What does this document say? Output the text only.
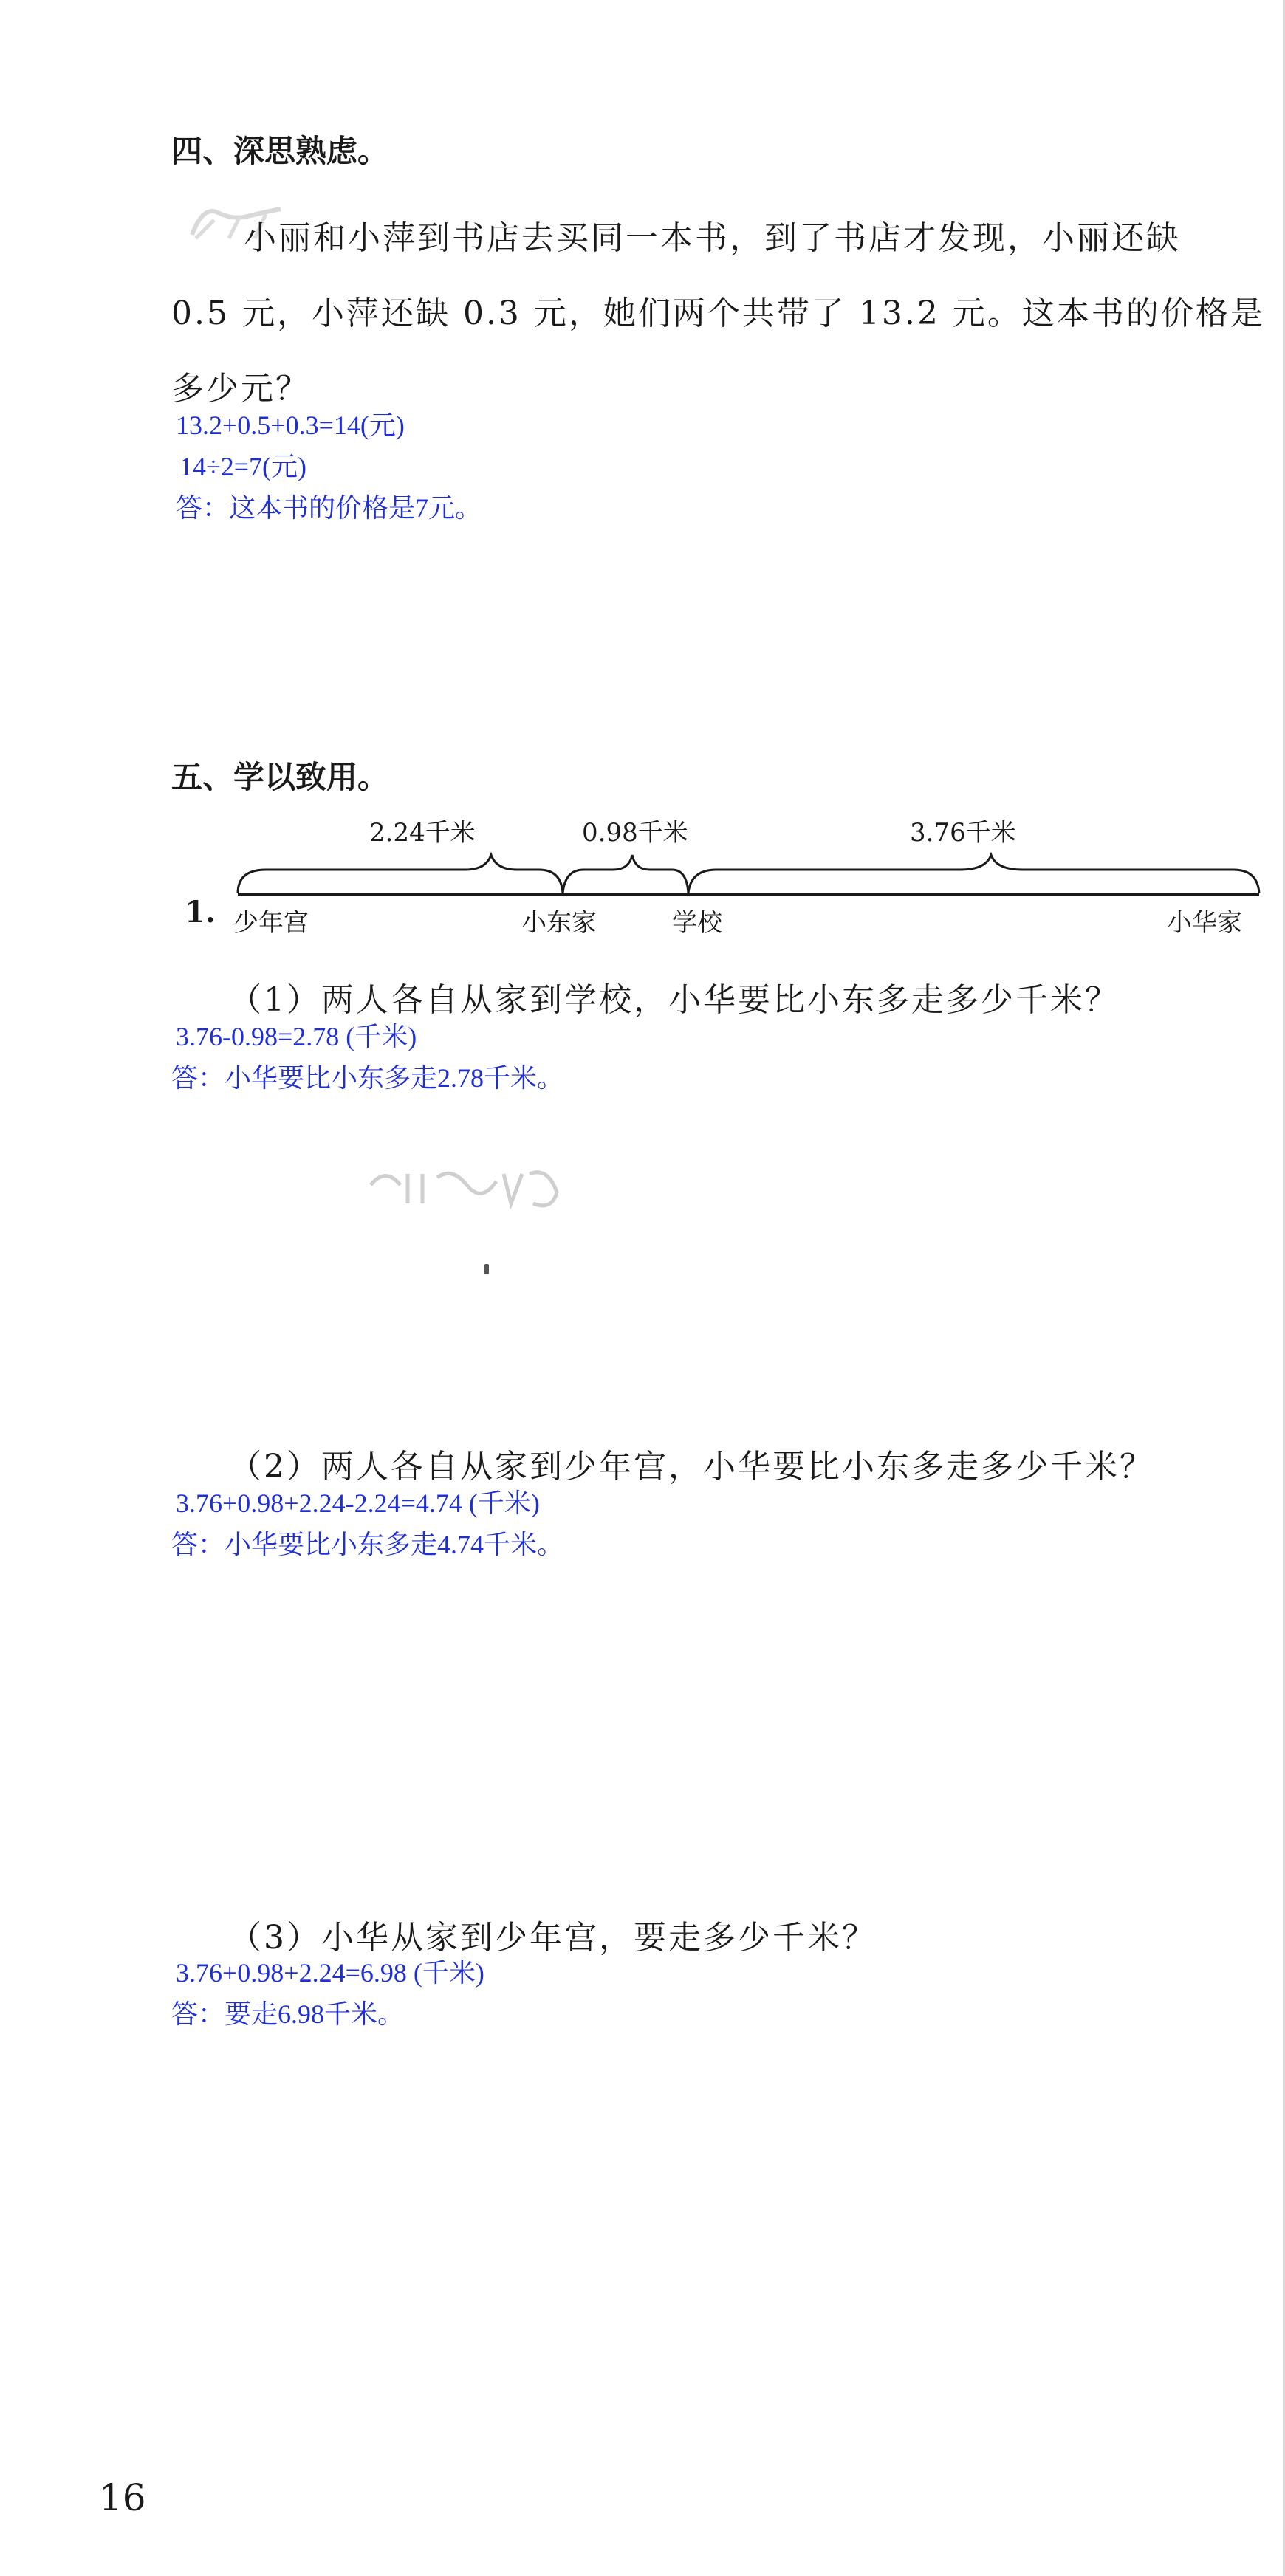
四、深思熟虑。
小丽和小萍到书店去买同一本书，到了书店才发现，小丽还缺
0.5 元，小萍还缺 0.3 元，她们两个共带了 13.2 元。这本书的价格是
多少元？
13.2+0.5+0.3=14(元)
14÷2=7(元)
答：这本书的价格是7元。
五、学以致用。
1.
2.24千米	0.98千米	3.76千米
少年宫	小东家	学校	小华家
（1）两人各自从家到学校，小华要比小东多走多少千米？
3.76-0.98=2.78 (千米)
答：小华要比小东多走2.78千米。
（2）两人各自从家到少年宫，小华要比小东多走多少千米？
3.76+0.98+2.24-2.24=4.74 (千米)
答：小华要比小东多走4.74千米。
（3）小华从家到少年宫，要走多少千米？
3.76+0.98+2.24=6.98 (千米)
答：要走6.98千米。
16
